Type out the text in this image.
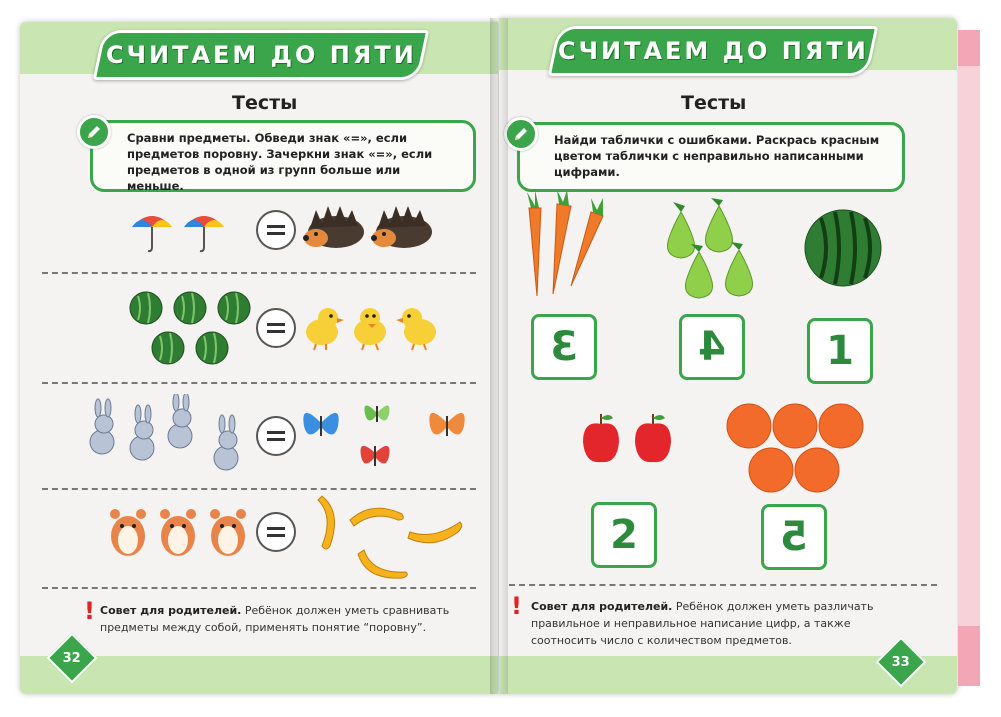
СЧИТАЕМ ДО ПЯТИ
Тесты
Сравни предметы. Обведи знак «=», если предметов поровну. Зачеркни знак «=», если предметов в одной из групп больше или меньше.
! Совет для родителей. Ребёнок должен уметь сравнивать предметы между собой, применять понятие “поровну”.
32
СЧИТАЕМ ДО ПЯТИ
Тесты
Найди таблички с ошибками. Раскрась красным цветом таблички с неправильно написанными цифрами.
3	4	1
2	5
! Совет для родителей. Ребёнок должен уметь различать правильное и неправильное написание цифр, а также соотносить число с количеством предметов.
33
